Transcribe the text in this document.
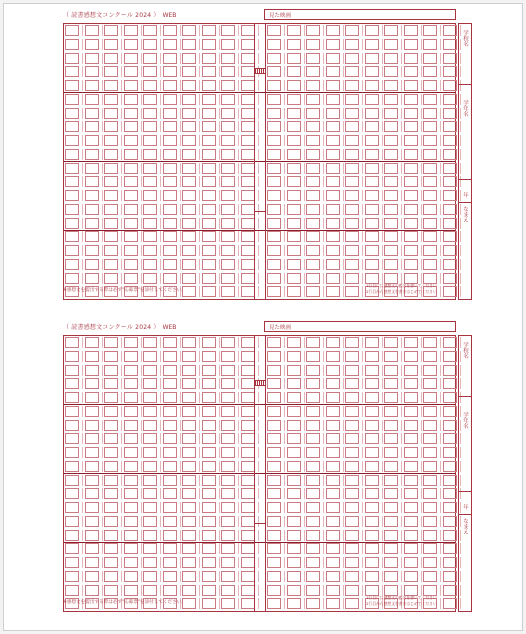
（ 読書感想文コンクール 2024 ） WEB	見た映画
学校名
学年名
年
なまえ
※感想文を提出する際は必ず"応募票"を添付してください。
1行目には感想文の題名を書いてください
2行目から感想文を書きはじめてください
（ 読書感想文コンクール 2024 ） WEB	見た映画
学校名
学年名
年
なまえ
※感想文を提出する際は必ず"応募票"を添付してください。
1行目には感想文の題名を書いてください
2行目から感想文を書きはじめてください
